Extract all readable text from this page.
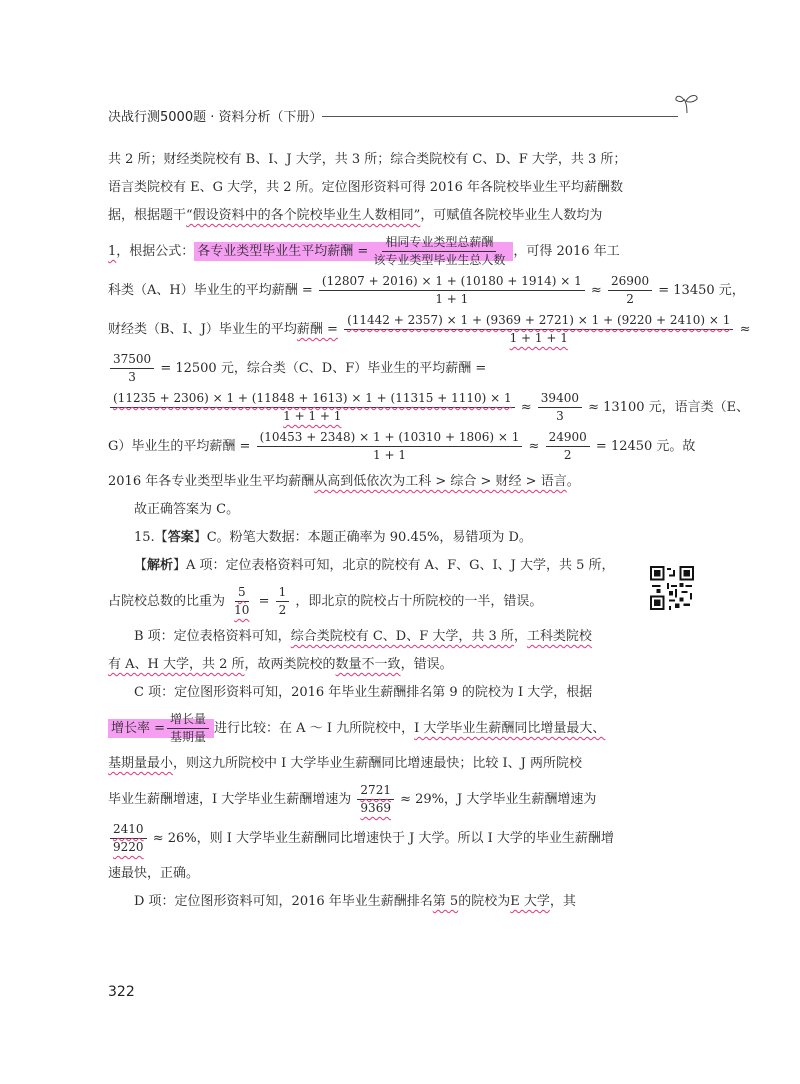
决战行测5000题 · 资料分析（下册）

共 2 所；财经类院校有 B、I、J 大学，共 3 所；综合类院校有 C、D、F 大学，共 3 所；

语言类院校有 E、G 大学，共 2 所。定位图形资料可得 2016 年各院校毕业生平均薪酬数

据，根据题干“假设资料中的各个院校毕业生人数相同”，可赋值各院校毕业生人数均为

1，根据公式： 各专业类型毕业生平均薪酬 = $\frac{\text{相同专业类型总薪酬}}{\text{该专业类型毕业生总人数}}$ ，可得 2016 年工

科类（A、H）毕业生的平均薪酬 = $\frac{(12807 + 2016) \times 1 + (10180 + 1914) \times 1}{1 + 1} \approx \frac{26900}{2} = 13450$ 元，

财经类（B、I、J）毕业生的平均薪酬 = $\frac{(11442 + 2357) \times 1 + (9369 + 2721) \times 1 + (9220 + 2410) \times 1}{1 + 1 + 1}$ ≈

$\frac{37500}{3} = 12500$ 元，综合类（C、D、F）毕业生的平均薪酬 =

$\frac{(11235 + 2306) \times 1 + (11848 + 1613) \times 1 + (11315 + 1110) \times 1}{1 + 1 + 1} \approx \frac{39400}{3} \approx 13100$ 元，语言类（E、

G）毕业生的平均薪酬 = $\frac{(10453 + 2348) \times 1 + (10310 + 1806) \times 1}{1 + 1} \approx \frac{24900}{2} = 12450$ 元。故

2016 年各专业类型毕业生平均薪酬从高到低依次为工科 > 综合 > 财经 > 语言。

故正确答案为 C。

15.【答案】C。粉笔大数据：本题正确率为 90.45%，易错项为 D。

【解析】A 项：定位表格资料可知，北京的院校有 A、F、G、I、J 大学，共 5 所，

占院校总数的比重为 $\frac{5}{10} = \frac{1}{2}$ ，即北京的院校占十所院校的一半，错误。

B 项：定位表格资料可知，综合类院校有 C、D、F 大学，共 3 所，工科类院校

有 A、H 大学，共 2 所，故两类院校的数量不一致，错误。

C 项：定位图形资料可知，2016 年毕业生薪酬排名第 9 的院校为 I 大学，根据

增长率 = $\frac{\text{增长量}}{\text{基期量}}$ 进行比较：在 A ～ I 九所院校中，I 大学毕业生薪酬同比增量最大、

基期量最小，则这九所院校中 I 大学毕业生薪酬同比增速最快；比较 I、J 两所院校

毕业生薪酬增速，I 大学毕业生薪酬增速为 $\frac{2721}{9369} \approx 29\%$，J 大学毕业生薪酬增速为

$\frac{2410}{9220} \approx 26\%$，则 I 大学毕业生薪酬同比增速快于 J 大学。所以 I 大学的毕业生薪酬增

速最快，正确。

D 项：定位图形资料可知，2016 年毕业生薪酬排名第 5的院校为E 大学，其

322
